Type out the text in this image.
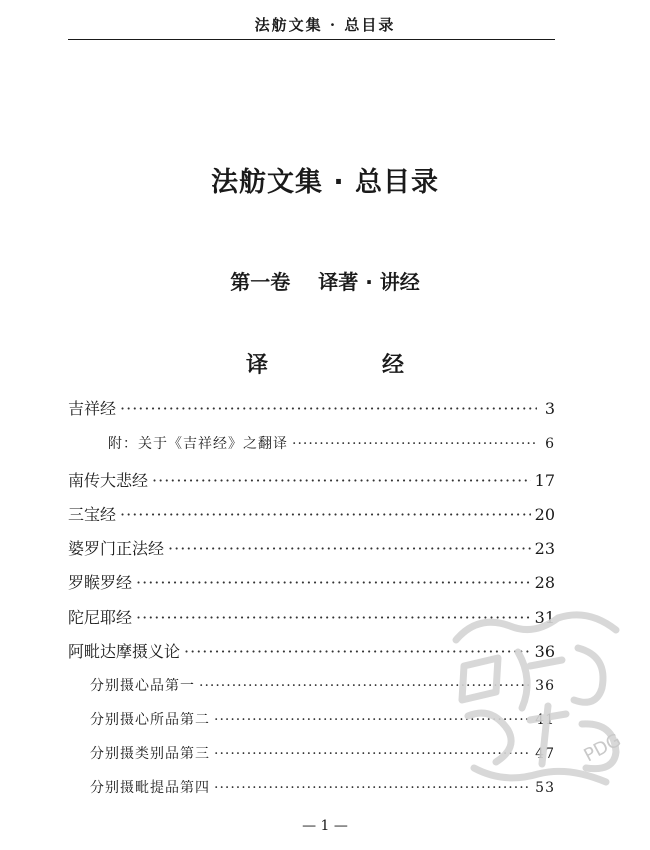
法舫文集 · 总目录
法舫文集 · 总目录
第一卷 译著 · 讲经
译　经
吉祥经 ·····	3
附：关于《吉祥经》之翻译 ·····	6
南传大悲经 ·····	17
三宝经 ·····	20
婆罗门正法经 ·····	23
罗睺罗经 ·····	28
陀尼耶经 ·····	31
阿毗达摩摄义论 ·····	36
分别摄心品第一 ·····	36
分别摄心所品第二 ·····	41
分别摄类别品第三 ·····	47
分别摄毗提品第四 ·····	53
— 1 —
PDG
